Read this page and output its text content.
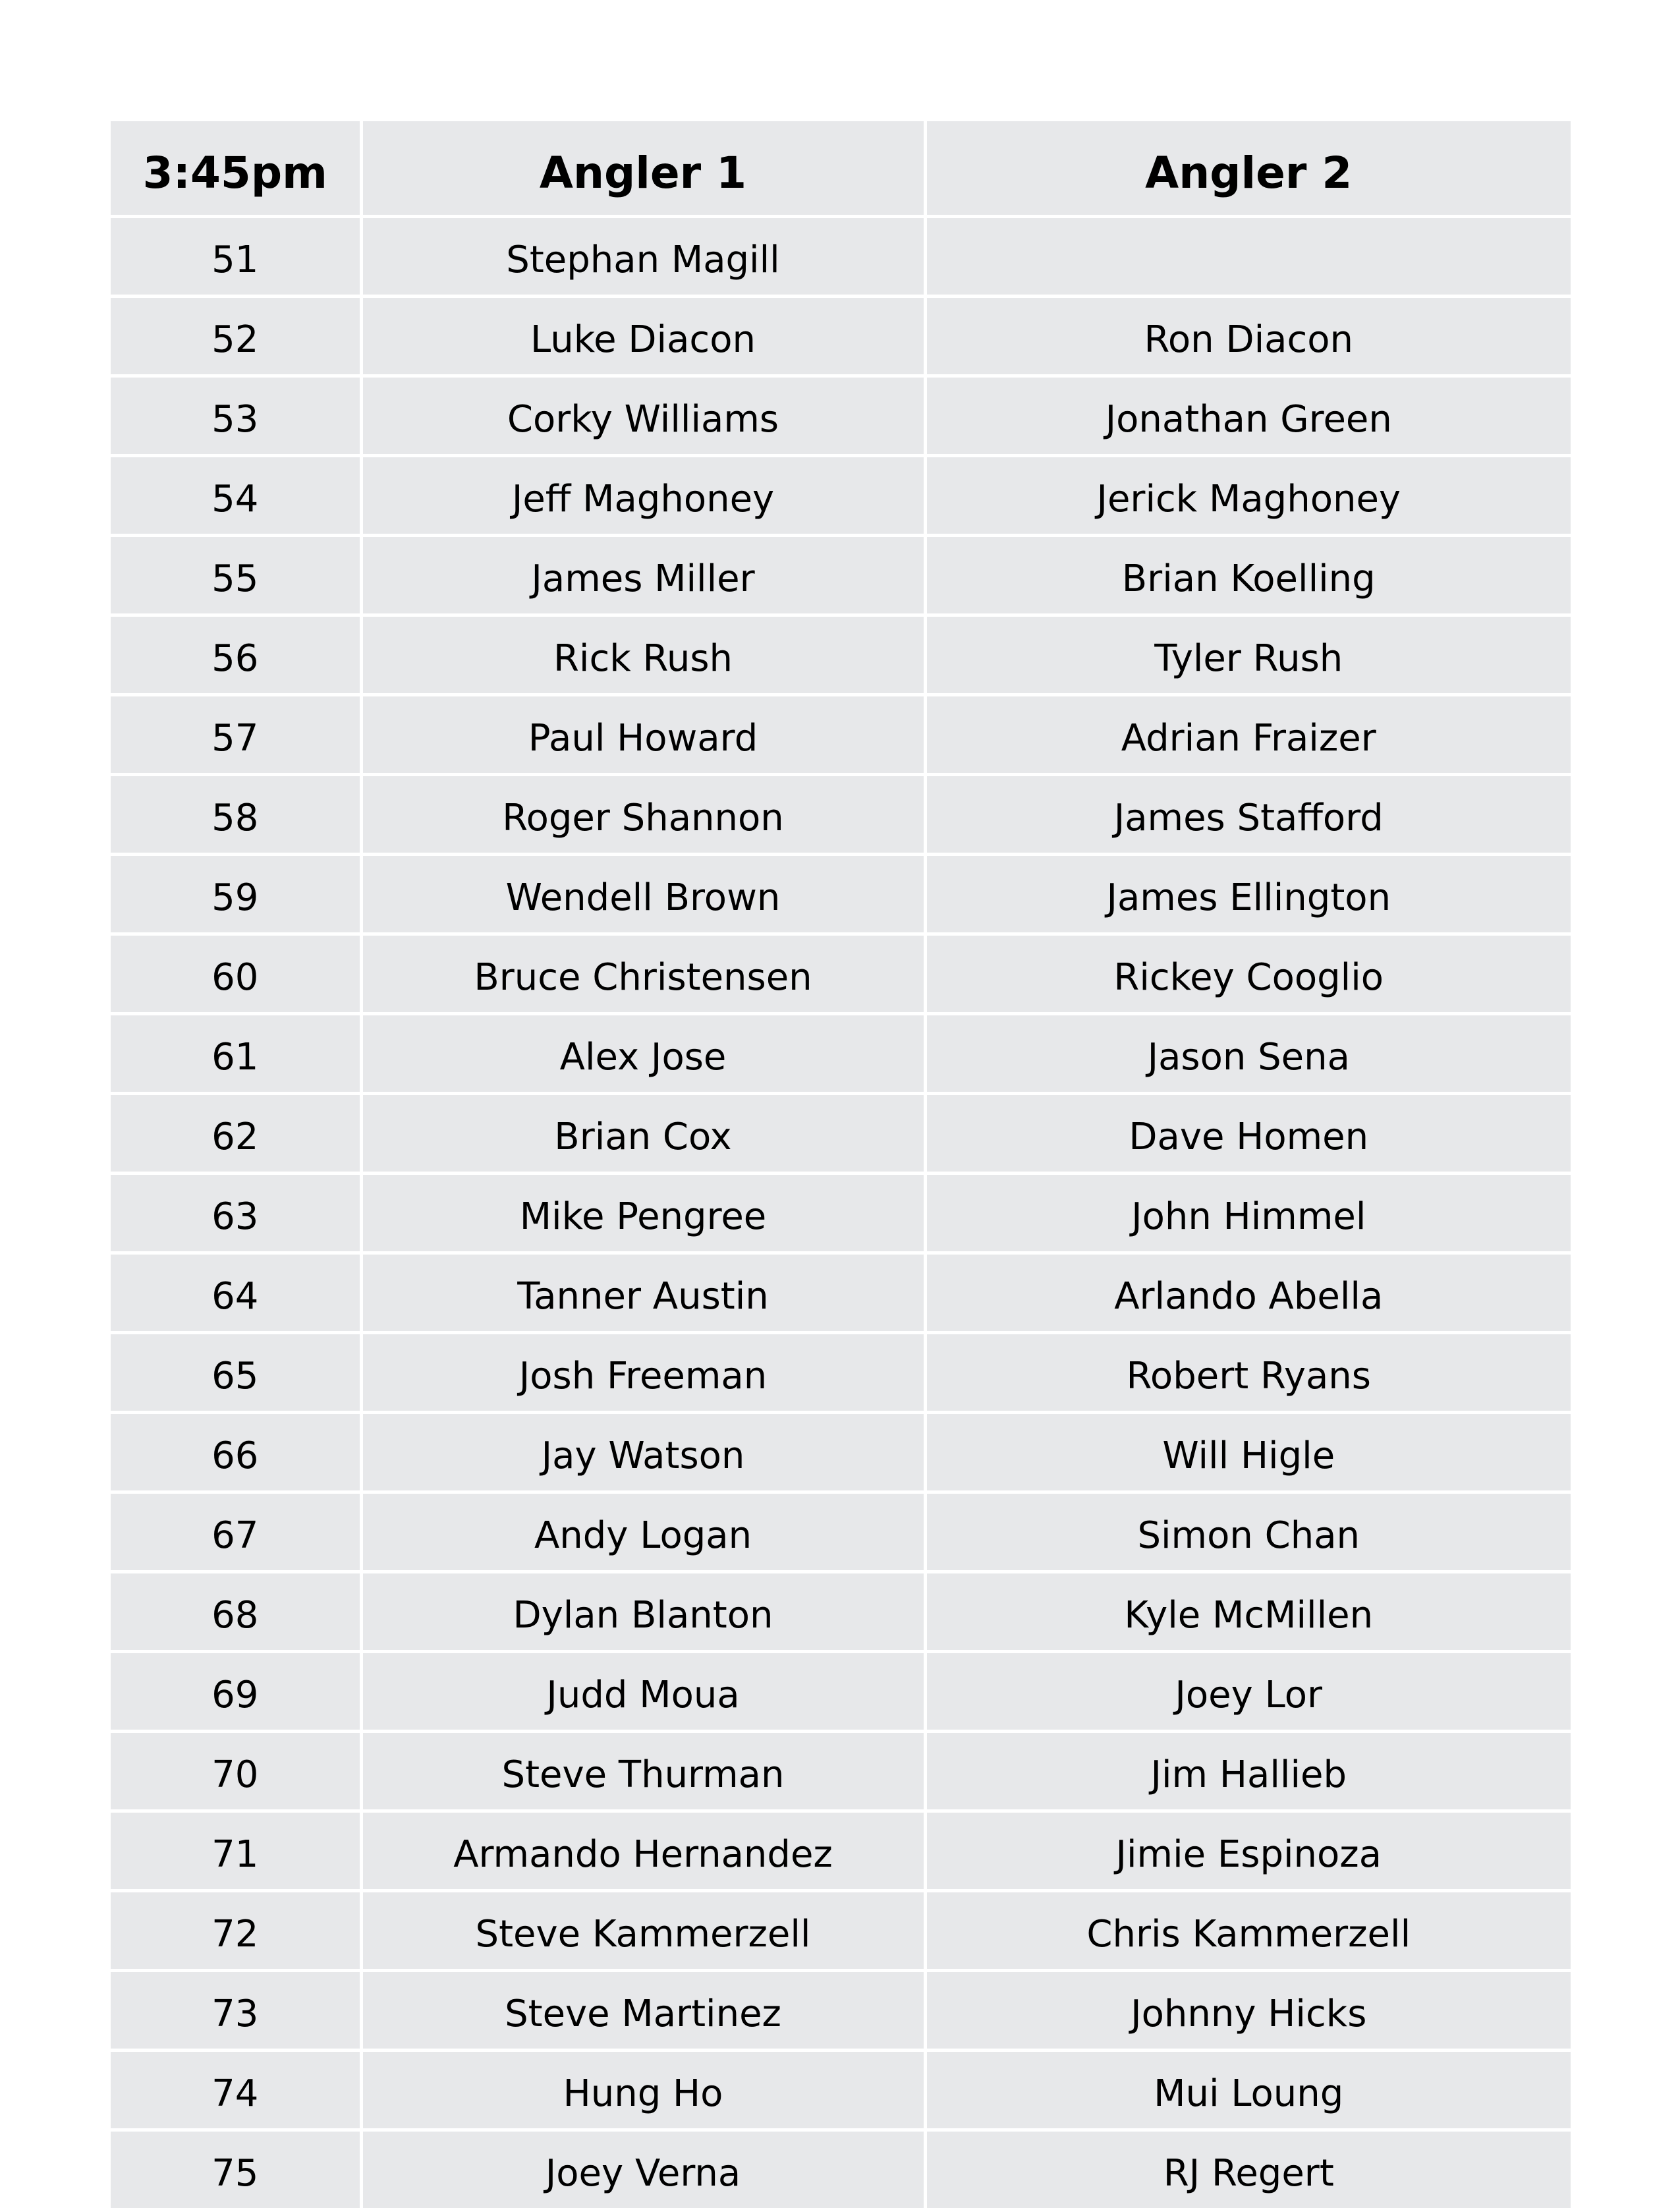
3:45pm	Angler 1	Angler 2
51	Stephan Magill	
52	Luke Diacon	Ron Diacon
53	Corky Williams	Jonathan Green
54	Jeff Maghoney	Jerick Maghoney
55	James Miller	Brian Koelling
56	Rick Rush	Tyler Rush
57	Paul Howard	Adrian Fraizer
58	Roger Shannon	James Stafford
59	Wendell Brown	James Ellington
60	Bruce Christensen	Rickey Cooglio
61	Alex Jose	Jason Sena
62	Brian Cox	Dave Homen
63	Mike Pengree	John Himmel
64	Tanner Austin	Arlando Abella
65	Josh Freeman	Robert Ryans
66	Jay Watson	Will Higle
67	Andy Logan	Simon Chan
68	Dylan Blanton	Kyle McMillen
69	Judd Moua	Joey Lor
70	Steve Thurman	Jim Hallieb
71	Armando Hernandez	Jimie Espinoza
72	Steve Kammerzell	Chris Kammerzell
73	Steve Martinez	Johnny Hicks
74	Hung Ho	Mui Loung
75	Joey Verna	RJ Regert
